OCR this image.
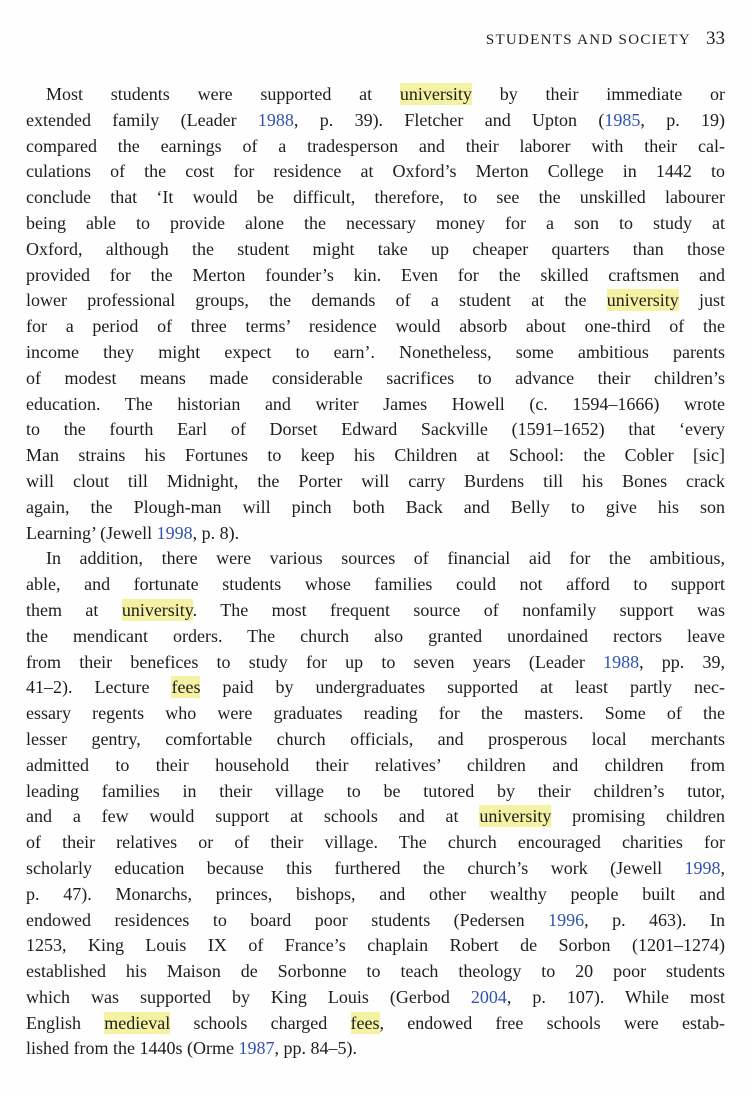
STUDENTS AND SOCIETY 33
Most students were supported at university by their immediate or
extended family (Leader 1988, p. 39). Fletcher and Upton (1985, p. 19)
compared the earnings of a tradesperson and their laborer with their cal-
culations of the cost for residence at Oxford’s Merton College in 1442 to
conclude that ‘It would be difficult, therefore, to see the unskilled labourer
being able to provide alone the necessary money for a son to study at
Oxford, although the student might take up cheaper quarters than those
provided for the Merton founder’s kin. Even for the skilled craftsmen and
lower professional groups, the demands of a student at the university just
for a period of three terms’ residence would absorb about one-third of the
income they might expect to earn’. Nonetheless, some ambitious parents
of modest means made considerable sacrifices to advance their children’s
education. The historian and writer James Howell (c. 1594–1666) wrote
to the fourth Earl of Dorset Edward Sackville (1591–1652) that ‘every
Man strains his Fortunes to keep his Children at School: the Cobler [sic]
will clout till Midnight, the Porter will carry Burdens till his Bones crack
again, the Plough-man will pinch both Back and Belly to give his son
Learning’ (Jewell 1998, p. 8).
In addition, there were various sources of financial aid for the ambitious,
able, and fortunate students whose families could not afford to support
them at university. The most frequent source of nonfamily support was
the mendicant orders. The church also granted unordained rectors leave
from their benefices to study for up to seven years (Leader 1988, pp. 39,
41–2). Lecture fees paid by undergraduates supported at least partly nec-
essary regents who were graduates reading for the masters. Some of the
lesser gentry, comfortable church officials, and prosperous local merchants
admitted to their household their relatives’ children and children from
leading families in their village to be tutored by their children’s tutor,
and a few would support at schools and at university promising children
of their relatives or of their village. The church encouraged charities for
scholarly education because this furthered the church’s work (Jewell 1998,
p. 47). Monarchs, princes, bishops, and other wealthy people built and
endowed residences to board poor students (Pedersen 1996, p. 463). In
1253, King Louis IX of France’s chaplain Robert de Sorbon (1201–1274)
established his Maison de Sorbonne to teach theology to 20 poor students
which was supported by King Louis (Gerbod 2004, p. 107). While most
English medieval schools charged fees, endowed free schools were estab-
lished from the 1440s (Orme 1987, pp. 84–5).
